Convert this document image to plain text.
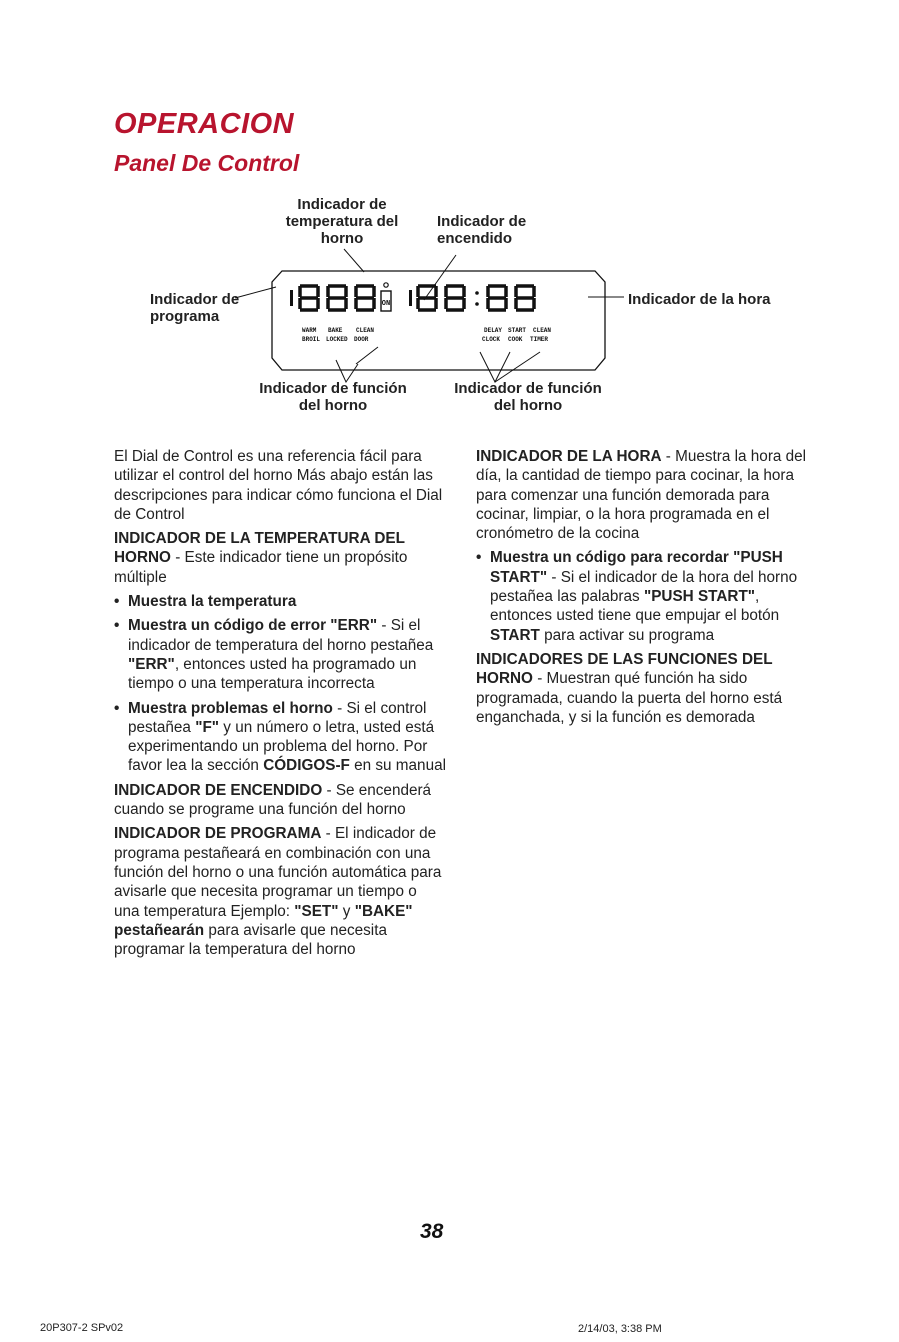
OPERACION
Panel De Control
Indicador de
temperatura del
horno
Indicador de
encendido
Indicador de
programa
Indicador de la hora
Indicador de función
del horno
Indicador de función
del horno
ON
WARM BAKE CLEAN
BROIL LOCKED DOOR
DELAY START CLEAN
CLOCK COOK TIMER

El Dial de Control es una referencia fácil para utilizar el control del horno Más abajo están las descripciones para indicar cómo funciona el Dial de Control

INDICADOR DE LA TEMPERATURA DEL HORNO - Este indicador tiene un propósito múltiple

• Muestra la temperatura
• Muestra un código de error "ERR" - Si el indicador de temperatura del horno pestañea "ERR", entonces usted ha programado un tiempo o una temperatura incorrecta
• Muestra problemas el horno - Si el control pestañea "F" y un número o letra, usted está experimentando un problema del horno. Por favor lea la sección CÓDIGOS-F en su manual

INDICADOR DE ENCENDIDO - Se encenderá cuando se programe una función del horno

INDICADOR DE PROGRAMA - El indicador de programa pestañeará en combinación con una función del horno o una función automática para avisarle que necesita programar un tiempo o una temperatura Ejemplo: "SET" y "BAKE" pestañearán para avisarle que necesita programar la temperatura del horno

INDICADOR DE LA HORA - Muestra la hora del día, la cantidad de tiempo para cocinar, la hora para comenzar una función demorada para cocinar, limpiar, o la hora programada en el cronómetro de la cocina

• Muestra un código para recordar "PUSH START" - Si el indicador de la hora del horno pestañea las palabras "PUSH START", entonces usted tiene que empujar el botón START para activar su programa

INDICADORES DE LAS FUNCIONES DEL HORNO - Muestran qué función ha sido programada, cuando la puerta del horno está enganchada, y si la función es demorada

38
20P307-2 SPv02	2/14/03, 3:38 PM
